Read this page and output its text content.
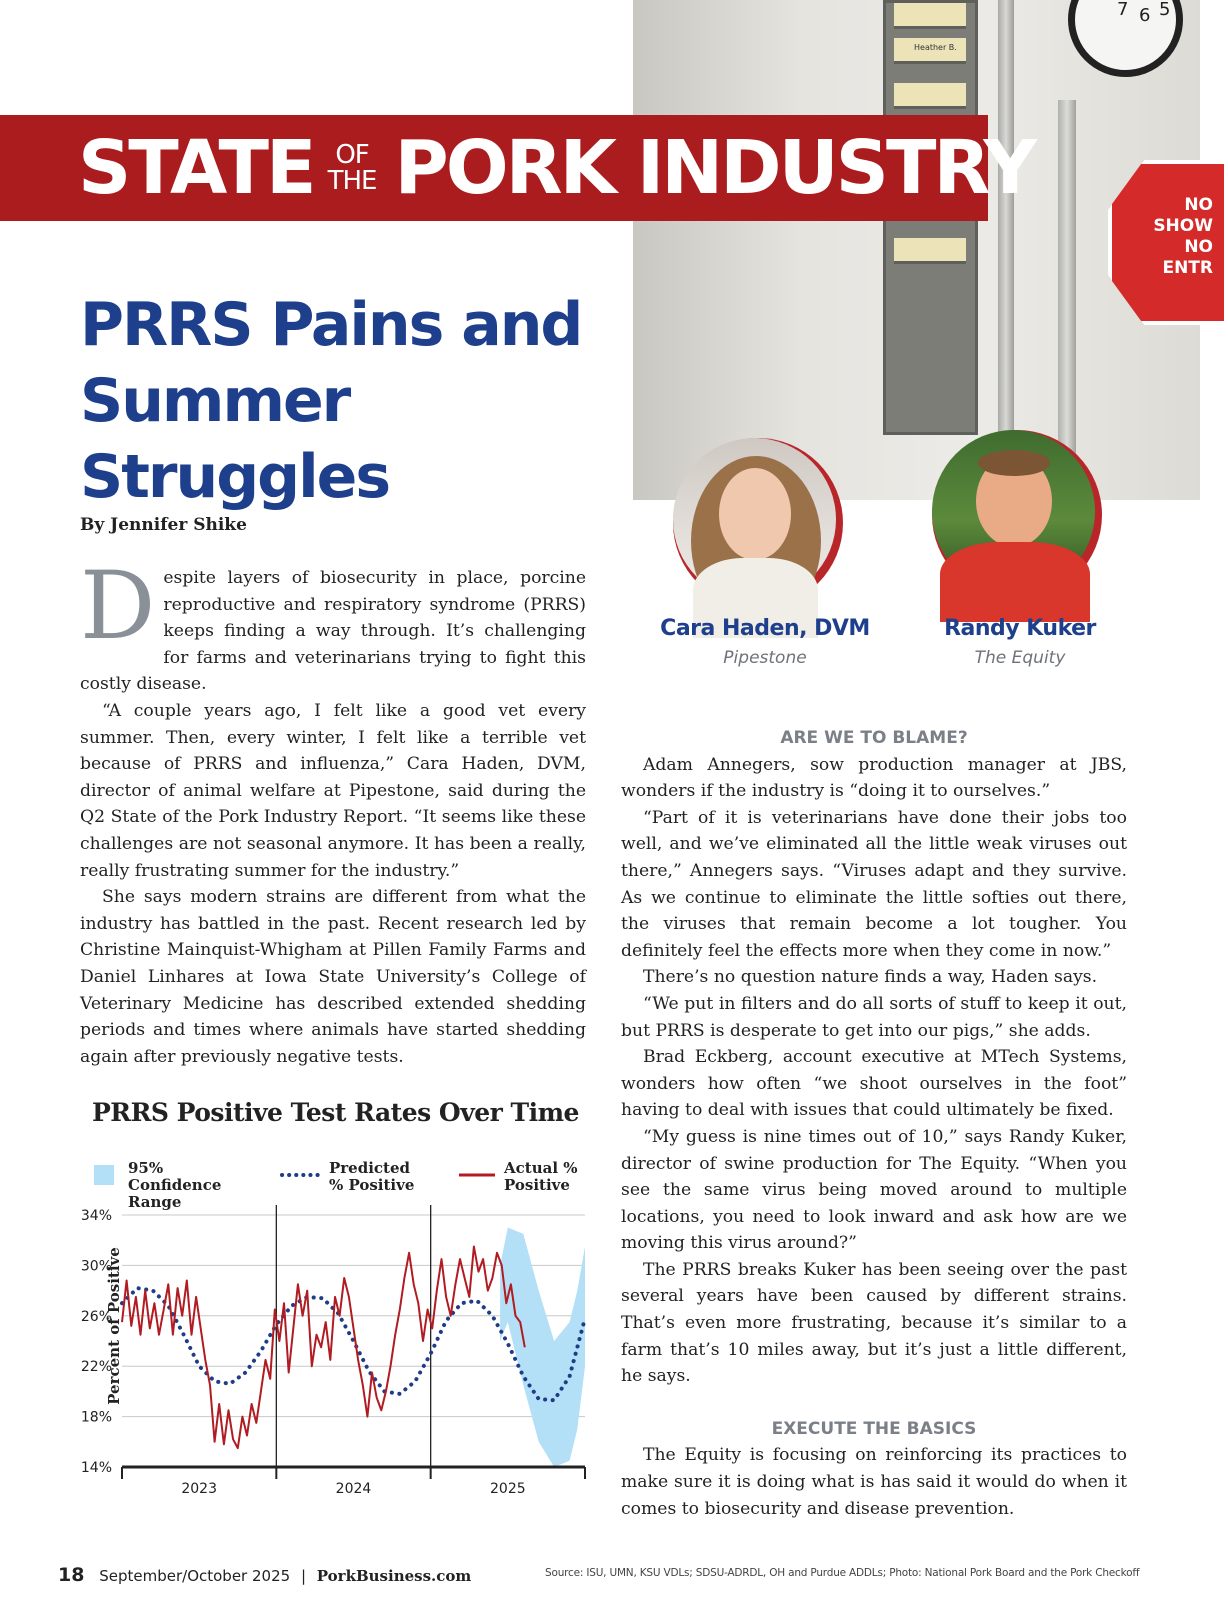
Heather B.
7 6 5
NO
SHOW
NO
ENTR
STATE OF
THE PORK INDUSTRY
PRRS Pains and
Summer Struggles
By Jennifer Shike
Cara Haden, DVM
Pipestone
Randy Kuker
The Equity

Despite layers of biosecurity in place, porcine reproductive and respiratory syndrome (PRRS) keeps finding a way through. It’s challenging for farms and veterinarians trying to fight this costly disease.

“A couple years ago, I felt like a good vet every summer. Then, every winter, I felt like a terrible vet because of PRRS and influenza,” Cara Haden, DVM, director of animal welfare at Pipestone, said during the Q2 State of the Pork Industry Report. “It seems like these challenges are not seasonal anymore. It has been a really, really frustrating summer for the industry.”

She says modern strains are different from what the industry has battled in the past. Recent research led by Christine Mainquist-Whigham at Pillen Family Farms and Daniel Linhares at Iowa State University’s College of Veterinary Medicine has described extended shedding periods and times where animals have started shedding again after previously negative tests.

ARE WE TO BLAME?

Adam Annegers, sow production manager at JBS, wonders if the industry is “doing it to ourselves.”

“Part of it is veterinarians have done their jobs too well, and we’ve eliminated all the little weak viruses out there,” Annegers says. “Viruses adapt and they survive. As we continue to eliminate the little softies out there, the viruses that remain become a lot tougher. You definitely feel the effects more when they come in now.”

There’s no question nature finds a way, Haden says.

“We put in filters and do all sorts of stuff to keep it out, but PRRS is desperate to get into our pigs,” she adds.

Brad Eckberg, account executive at MTech Systems, wonders how often “we shoot ourselves in the foot” having to deal with issues that could ultimately be fixed.

“My guess is nine times out of 10,” says Randy Kuker, director of swine production for The Equity. “When you see the same virus being moved around to multiple locations, you need to look inward and ask how are we moving this virus around?”

The PRRS breaks Kuker has been seeing over the past several years have been caused by different strains. That’s even more frustrating, because it’s similar to a farm that’s 10 miles away, but it’s just a little different, he says.

EXECUTE THE BASICS

The Equity is focusing on reinforcing its practices to make sure it is doing what is has said it would do when it comes to biosecurity and disease prevention.

PRRS Positive Test Rates Over Time
95% Confidence Range
Predicted % Positive
Actual % Positive
Percent of Positive
34%
30%
26%
22%
18%
14%
2023	2024	2025
18 September/October 2025 | PorkBusiness.com	Source: ISU, UMN, KSU VDLs; SDSU-ADRDL, OH and Purdue ADDLs; Photo: National Pork Board and the Pork Checkoff
